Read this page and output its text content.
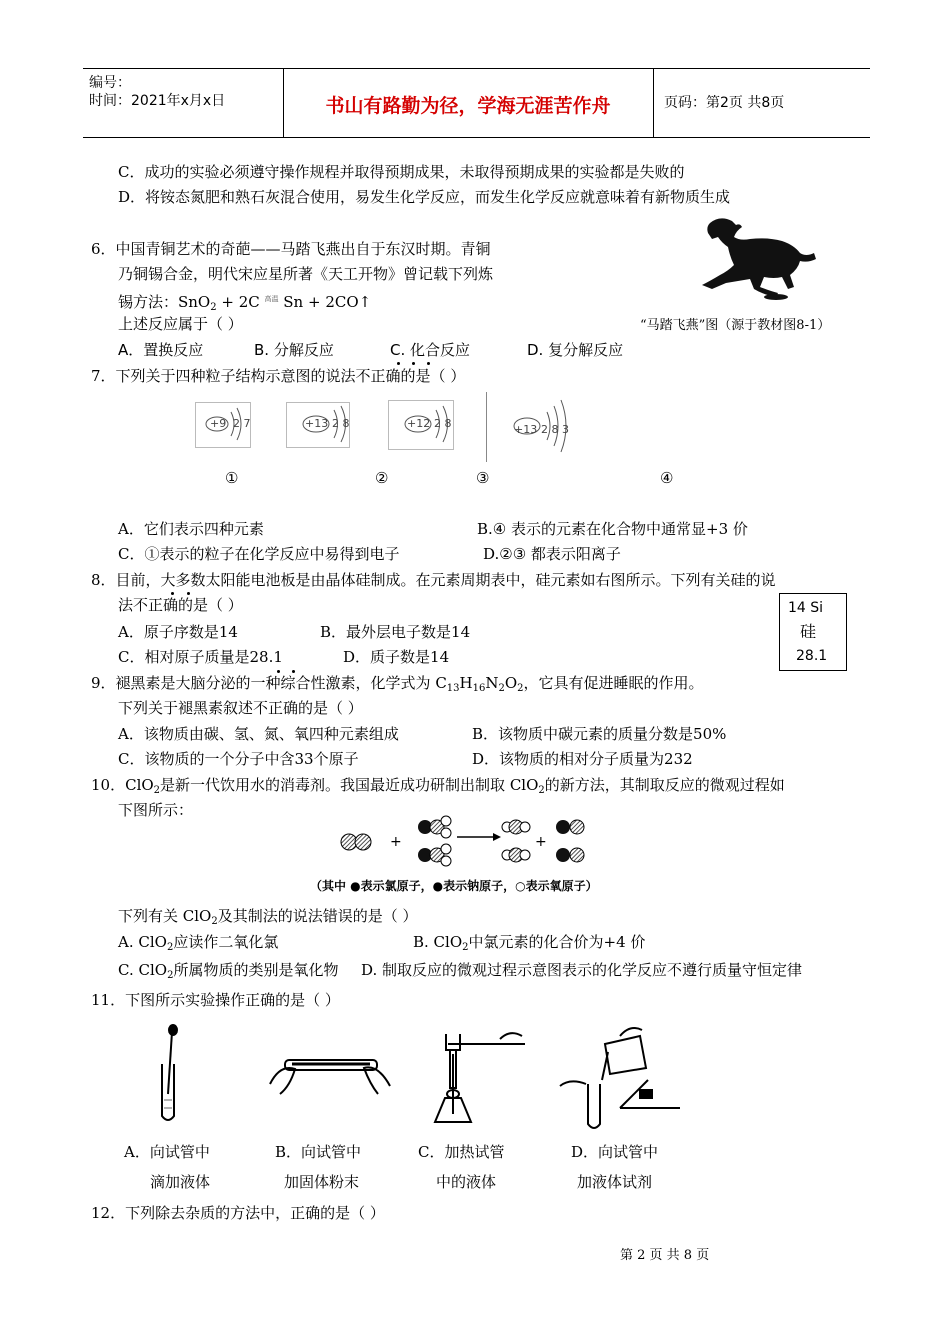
编号：
时间：2021年x月x日	书山有路勤为径，学海无涯苦作舟	页码：第2页 共8页
C．成功的实验必须遵守操作规程并取得预期成果，未取得预期成果的实验都是失败的
D．将铵态氮肥和熟石灰混合使用，易发生化学反应，而发生化学反应就意味着有新物质生成
6．中国青铜艺术的奇葩——马踏飞燕出自于东汉时期。青铜
乃铜锡合金，明代宋应星所著《天工开物》曾记载下列炼
锡方法：SnO$_2$ + 2C $^{高温}$ Sn + 2CO↑
上述反应属于（ ）	“马踏飞燕”图（源于教材图8-1）
A．置换反应	B. 分解反应	C. 化合反应	D. 复分解反应
7．下列关于四种粒子结构示意图的说法不正确的是（ ）
+9 2 7	+13 2 8	+12 2 8	+13 2 8 3
①	②	③	④
A．它们表示四种元素	B.④ 表示的元素在化合物中通常显+3 价
C．①表示的粒子在化学反应中易得到电子	D.②③ 都表示阳离子
8．目前，大多数太阳能电池板是由晶体硅制成。在元素周期表中，硅元素如右图所示。下列有关硅的说
法不正确的是（ ）
A．原子序数是14	B．最外层电子数是14
C．相对原子质量是28.1	D．质子数是14
14 Si
硅
28.1
9．褪黑素是大脑分泌的一种综合性激素，化学式为 $C_{13}H_{16}N_2O_2$，它具有促进睡眠的作用。
下列关于褪黑素叙述不正确的是（ ）
A．该物质由碳、氢、氮、氧四种元素组成	B．该物质中碳元素的质量分数是50%
C．该物质的一个分子中含33个原子	D．该物质的相对分子质量为232
10．ClO$_2$是新一代饮用水的消毒剂。我国最近成功研制出制取 ClO$_2$的新方法，其制取反应的微观过程如
下图所示：
+	+
（其中 ●表示氯原子，●表示钠原子，○表示氧原子）
下列有关 ClO$_2$及其制法的说法错误的是（ ）
A. ClO$_2$应读作二氧化氯	B. ClO$_2$中氯元素的化合价为+4 价
C. ClO$_2$所属物质的类别是氧化物 D. 制取反应的微观过程示意图表示的化学反应不遵行质量守恒定律
11．下图所示实验操作正确的是（ ）
A．向试管中
滴加液体
B．向试管中
加固体粉末
C．加热试管
中的液体
D．向试管中
加液体试剂
12．下列除去杂质的方法中，正确的是（ ）
第 2 页 共 8 页
